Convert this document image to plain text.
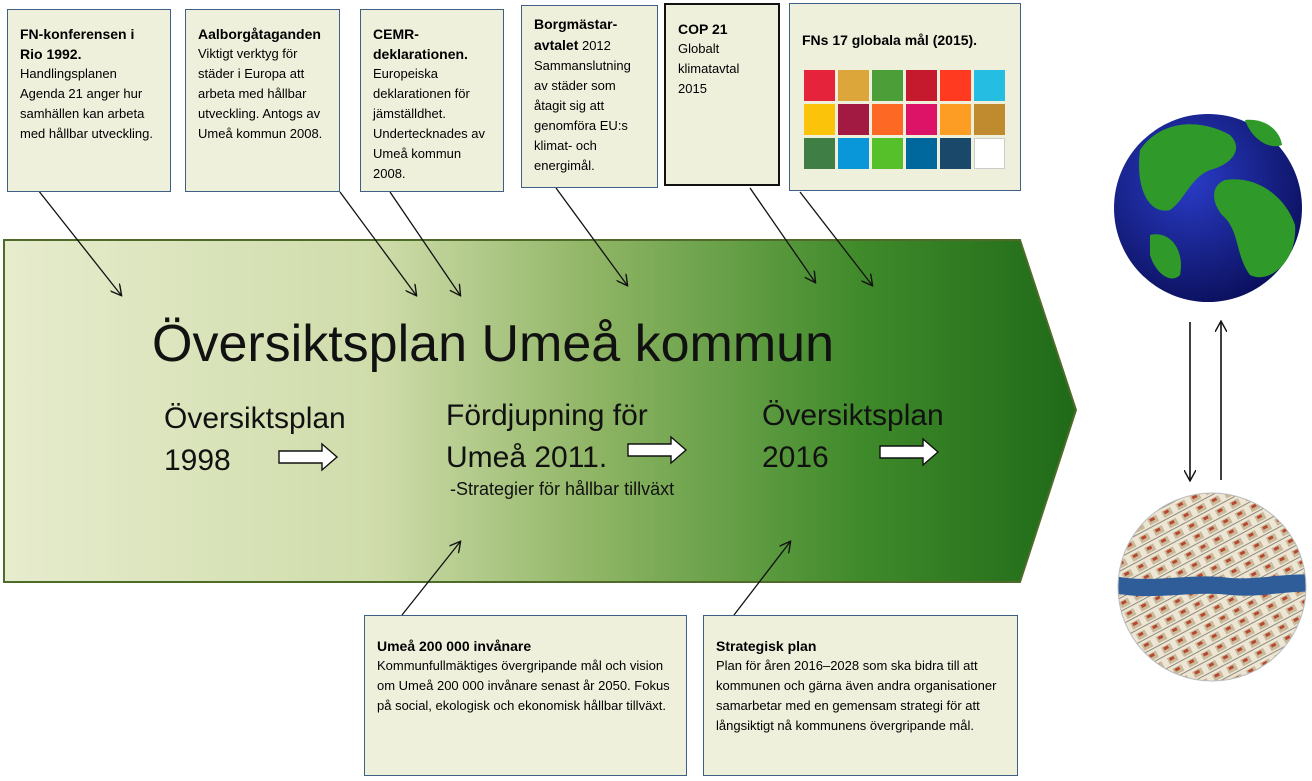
Översiktsplan Umeå kommun
Översiktsplan
1998
Fördjupning för
Umeå 2011.
-Strategier för hållbar tillväxt
Översiktsplan
2016
FN-konferensen i Rio 1992.
Handlingsplanen Agenda 21 anger hur samhällen kan arbeta med hållbar utveckling.
Aalborgåtaganden
Viktigt verktyg för städer i Europa att arbeta med hållbar utveckling. Antogs av Umeå kommun 2008.
CEMR-deklarationen.
Europeiska deklarationen för jämställdhet. Undertecknades av Umeå kommun 2008.
Borgmästar-avtalet 2012
Sammanslutning av städer som åtagit sig att genomföra EU:s klimat- och energimål.
COP 21
Globalt klimatavtal 2015
FNs 17 globala mål (2015).
Umeå 200 000 invånare
Kommunfullmäktiges övergripande mål och vision om Umeå 200 000 invånare senast år 2050. Fokus på social, ekologisk och ekonomisk hållbar tillväxt.
Strategisk plan
Plan för åren 2016–2028 som ska bidra till att kommunen och gärna även andra organisationer samarbetar med en gemensam strategi för att långsiktigt nå kommunens övergripande mål.
